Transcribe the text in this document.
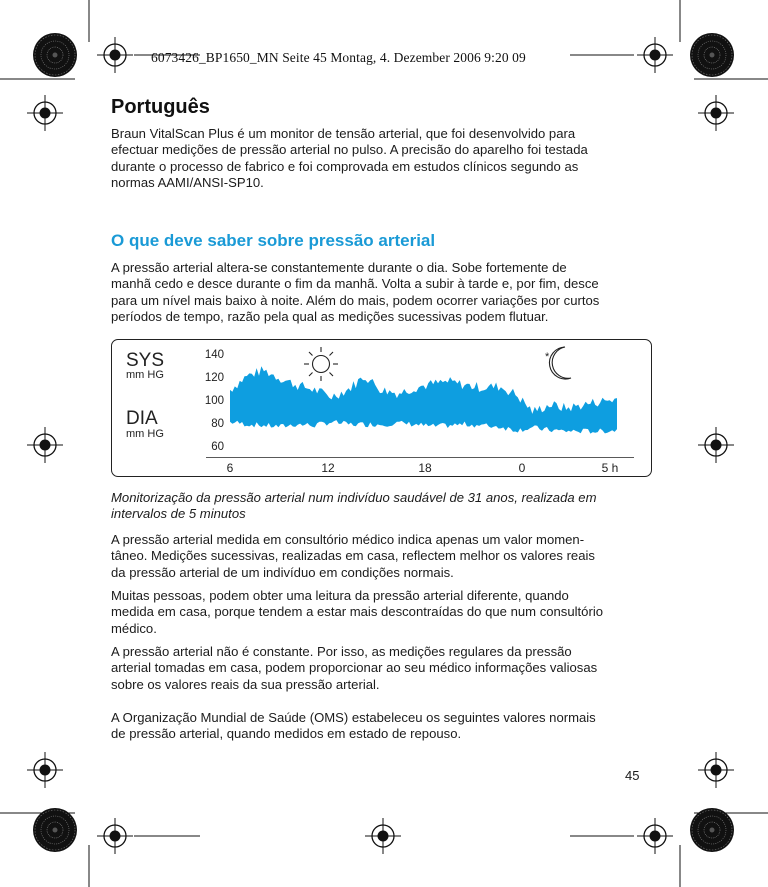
6073426_BP1650_MN Seite 45 Montag, 4. Dezember 2006 9:20 09
Português

Braun VitalScan Plus é um monitor de tensão arterial, que foi desenvolvido para
efectuar medições de pressão arterial no pulso. A precisão do aparelho foi testada
durante o processo de fabrico e foi comprovada em estudos clínicos segundo as
normas AAMI/ANSI-SP10.

O que deve saber sobre pressão arterial

A pressão arterial altera-se constantemente durante o dia. Sobe fortemente de
manhã cedo e desce durante o fim da manhã. Volta a subir à tarde e, por fim, desce
para um nível mais baixo à noite. Além do mais, podem ocorrer variações por curtos
períodos de tempo, razão pela qual as medições sucessivas podem flutuar.

SYS
mm HG
DIA
mm HG
140
120
100
80
60
6	12	18	0	5 h
*

Monitorização da pressão arterial num indivíduo saudável de 31 anos, realizada em
intervalos de 5 minutos

A pressão arterial medida em consultório médico indica apenas um valor momen-
tâneo. Medições sucessivas, realizadas em casa, reflectem melhor os valores reais
da pressão arterial de um indivíduo em condições normais.

Muitas pessoas, podem obter uma leitura da pressão arterial diferente, quando
medida em casa, porque tendem a estar mais descontraídas do que num consultório
médico.

A pressão arterial não é constante. Por isso, as medições regulares da pressão
arterial tomadas em casa, podem proporcionar ao seu médico informações valiosas
sobre os valores reais da sua pressão arterial.

A Organização Mundial de Saúde (OMS) estabeleceu os seguintes valores normais
de pressão arterial, quando medidos em estado de repouso.

45
